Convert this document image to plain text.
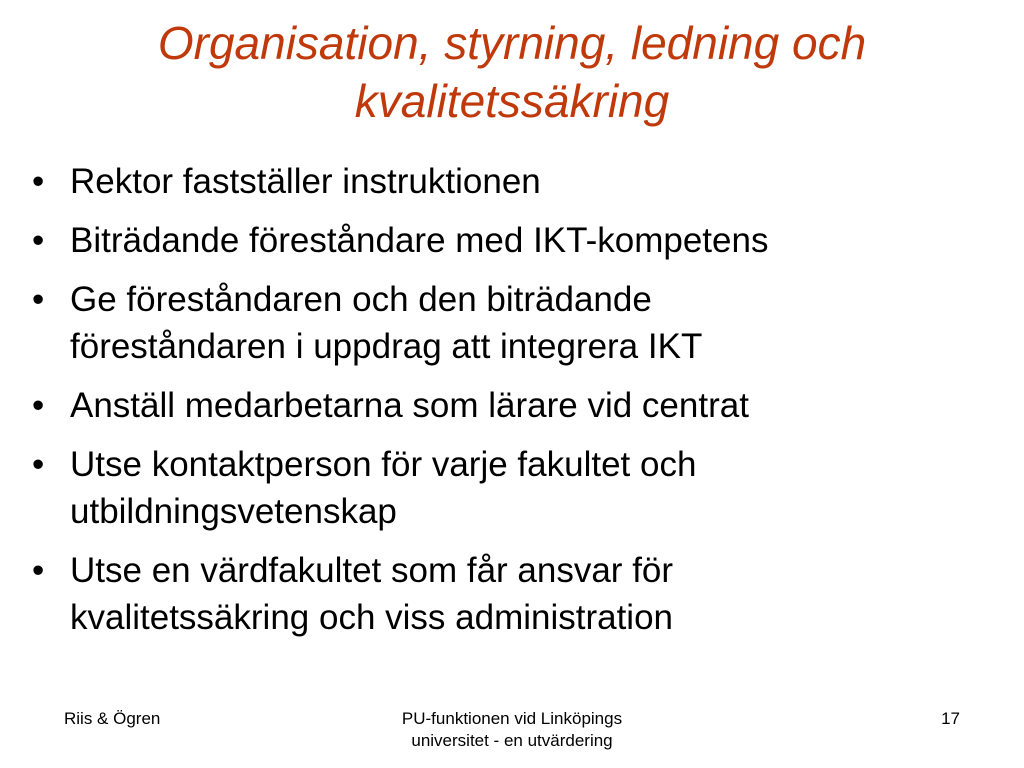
Organisation, styrning, ledning och
kvalitetssäkring
• Rektor fastställer instruktionen
• Biträdande föreståndare med IKT-kompetens
• Ge föreståndaren och den biträdande
föreståndaren i uppdrag att integrera IKT
• Anställ medarbetarna som lärare vid centrat
• Utse kontaktperson för varje fakultet och
utbildningsvetenskap
• Utse en värdfakultet som får ansvar för
kvalitetssäkring och viss administration
Riis & Ögren	PU-funktionen vid Linköpings
universitet - en utvärdering
17
